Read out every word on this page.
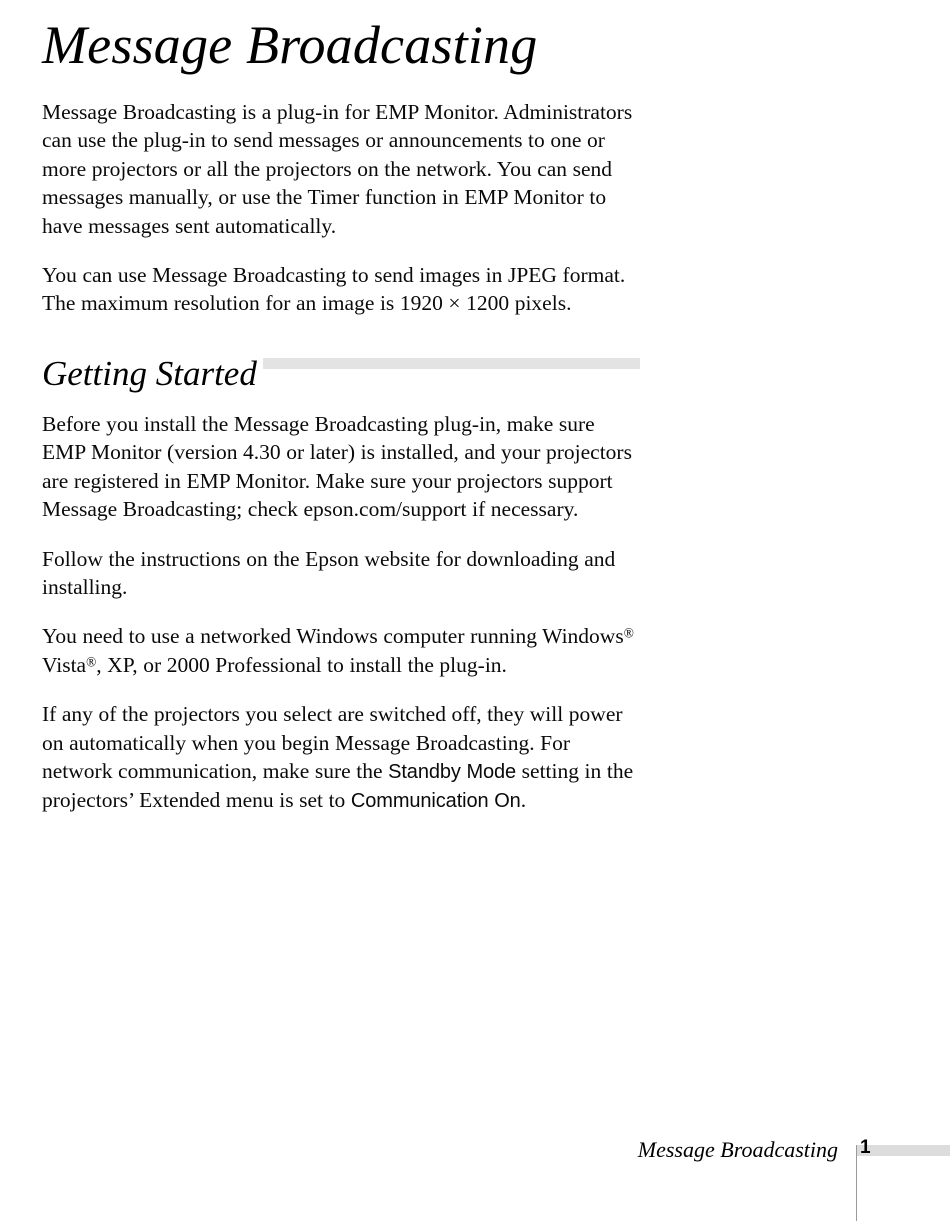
Message Broadcasting

Message Broadcasting is a plug-in for EMP Monitor. Administrators can use the plug-in to send messages or announcements to one or more projectors or all the projectors on the network. You can send messages manually, or use the Timer function in EMP Monitor to have messages sent automatically.

You can use Message Broadcasting to send images in JPEG format. The maximum resolution for an image is 1920 × 1200 pixels.

Getting Started

Before you install the Message Broadcasting plug-in, make sure EMP Monitor (version 4.30 or later) is installed, and your projectors are registered in EMP Monitor. Make sure your projectors support Message Broadcasting; check epson.com/support if necessary.

Follow the instructions on the Epson website for downloading and installing.

You need to use a networked Windows computer running Windows® Vista®, XP, or 2000 Professional to install the plug-in.

If any of the projectors you select are switched off, they will power on automatically when you begin Message Broadcasting. For network communication, make sure the Standby Mode setting in the projectors’ Extended menu is set to Communication On.

Message Broadcasting 1
